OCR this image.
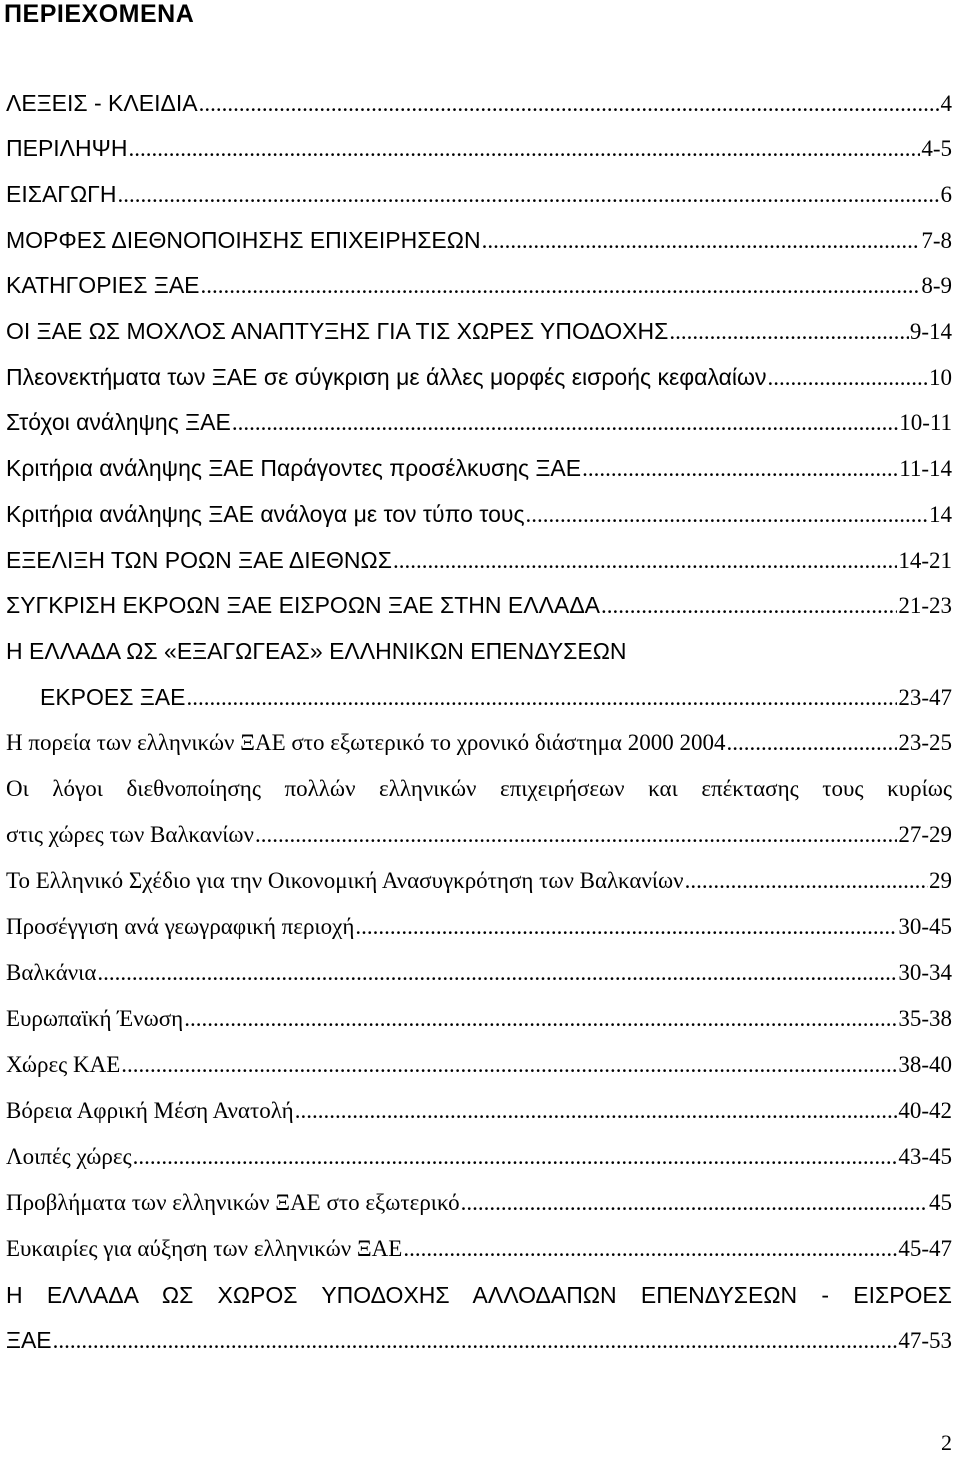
ΠΕΡΙΕΧΟΜΕΝΑ
ΛΕΞΕΙΣ - ΚΛΕΙΔΙΑ .....	4
ΠΕΡΙΛΗΨΗ .....	4-5
ΕΙΣΑΓΩΓΗ .....	6
ΜΟΡΦΕΣ ΔΙΕΘΝΟΠΟΙΗΣΗΣ ΕΠΙΧΕΙΡΗΣΕΩΝ .....	7-8
ΚΑΤΗΓΟΡΙΕΣ ΞΑΕ .....	8-9
ΟΙ ΞΑΕ ΩΣ ΜΟΧΛΟΣ ΑΝΑΠΤΥΞΗΣ ΓΙΑ ΤΙΣ ΧΩΡΕΣ ΥΠΟΔΟΧΗΣ .....	9-14
Πλεονεκτήματα των ΞΑΕ σε σύγκριση με άλλες μορφές εισροής κεφαλαίων .....	10
Στόχοι ανάληψης ΞΑΕ .....	10-11
Κριτήρια ανάληψης ΞΑΕ Παράγοντες προσέλκυσης ΞΑΕ .....	11-14
Κριτήρια ανάληψης ΞΑΕ ανάλογα με τον τύπο τους .....	14
ΕΞΕΛΙΞΗ ΤΩΝ ΡΟΩΝ ΞΑΕ ΔΙΕΘΝΩΣ .....	14-21
ΣΥΓΚΡΙΣΗ ΕΚΡΟΩΝ ΞΑΕ ΕΙΣΡΟΩΝ ΞΑΕ ΣΤΗΝ ΕΛΛΑΔΑ .....	21-23
Η ΕΛΛΑΔΑ ΩΣ «ΕΞΑΓΩΓΕΑΣ» ΕΛΛΗΝΙΚΩΝ ΕΠΕΝΔΥΣΕΩΝ
ΕΚΡΟΕΣ ΞΑΕ .....	23-47
Η πορεία των ελληνικών ΞΑΕ στο εξωτερικό το χρονικό διάστημα 2000 2004 .....	23-25
Οι λόγοι διεθνοποίησης πολλών ελληνικών επιχειρήσεων και επέκτασης τους κυρίως
στις χώρες των Βαλκανίων .....	27-29
Το Ελληνικό Σχέδιο για την Οικονομική Ανασυγκρότηση των Βαλκανίων .....	29
Προσέγγιση ανά γεωγραφική περιοχή .....	30-45
Βαλκάνια .....	30-34
Ευρωπαϊκή Ένωση .....	35-38
Χώρες ΚΑΕ .....	38-40
Βόρεια Αφρική Μέση Ανατολή .....	40-42
Λοιπές χώρες .....	43-45
Προβλήματα των ελληνικών ΞΑΕ στο εξωτερικό .....	45
Ευκαιρίες για αύξηση των ελληνικών ΞΑΕ .....	45-47
Η ΕΛΛΑΔΑ ΩΣ ΧΩΡΟΣ ΥΠΟΔΟΧΗΣ ΑΛΛΟΔΑΠΩΝ ΕΠΕΝΔΥΣΕΩΝ - ΕΙΣΡΟΕΣ
ΞΑΕ .....	47-53
2
